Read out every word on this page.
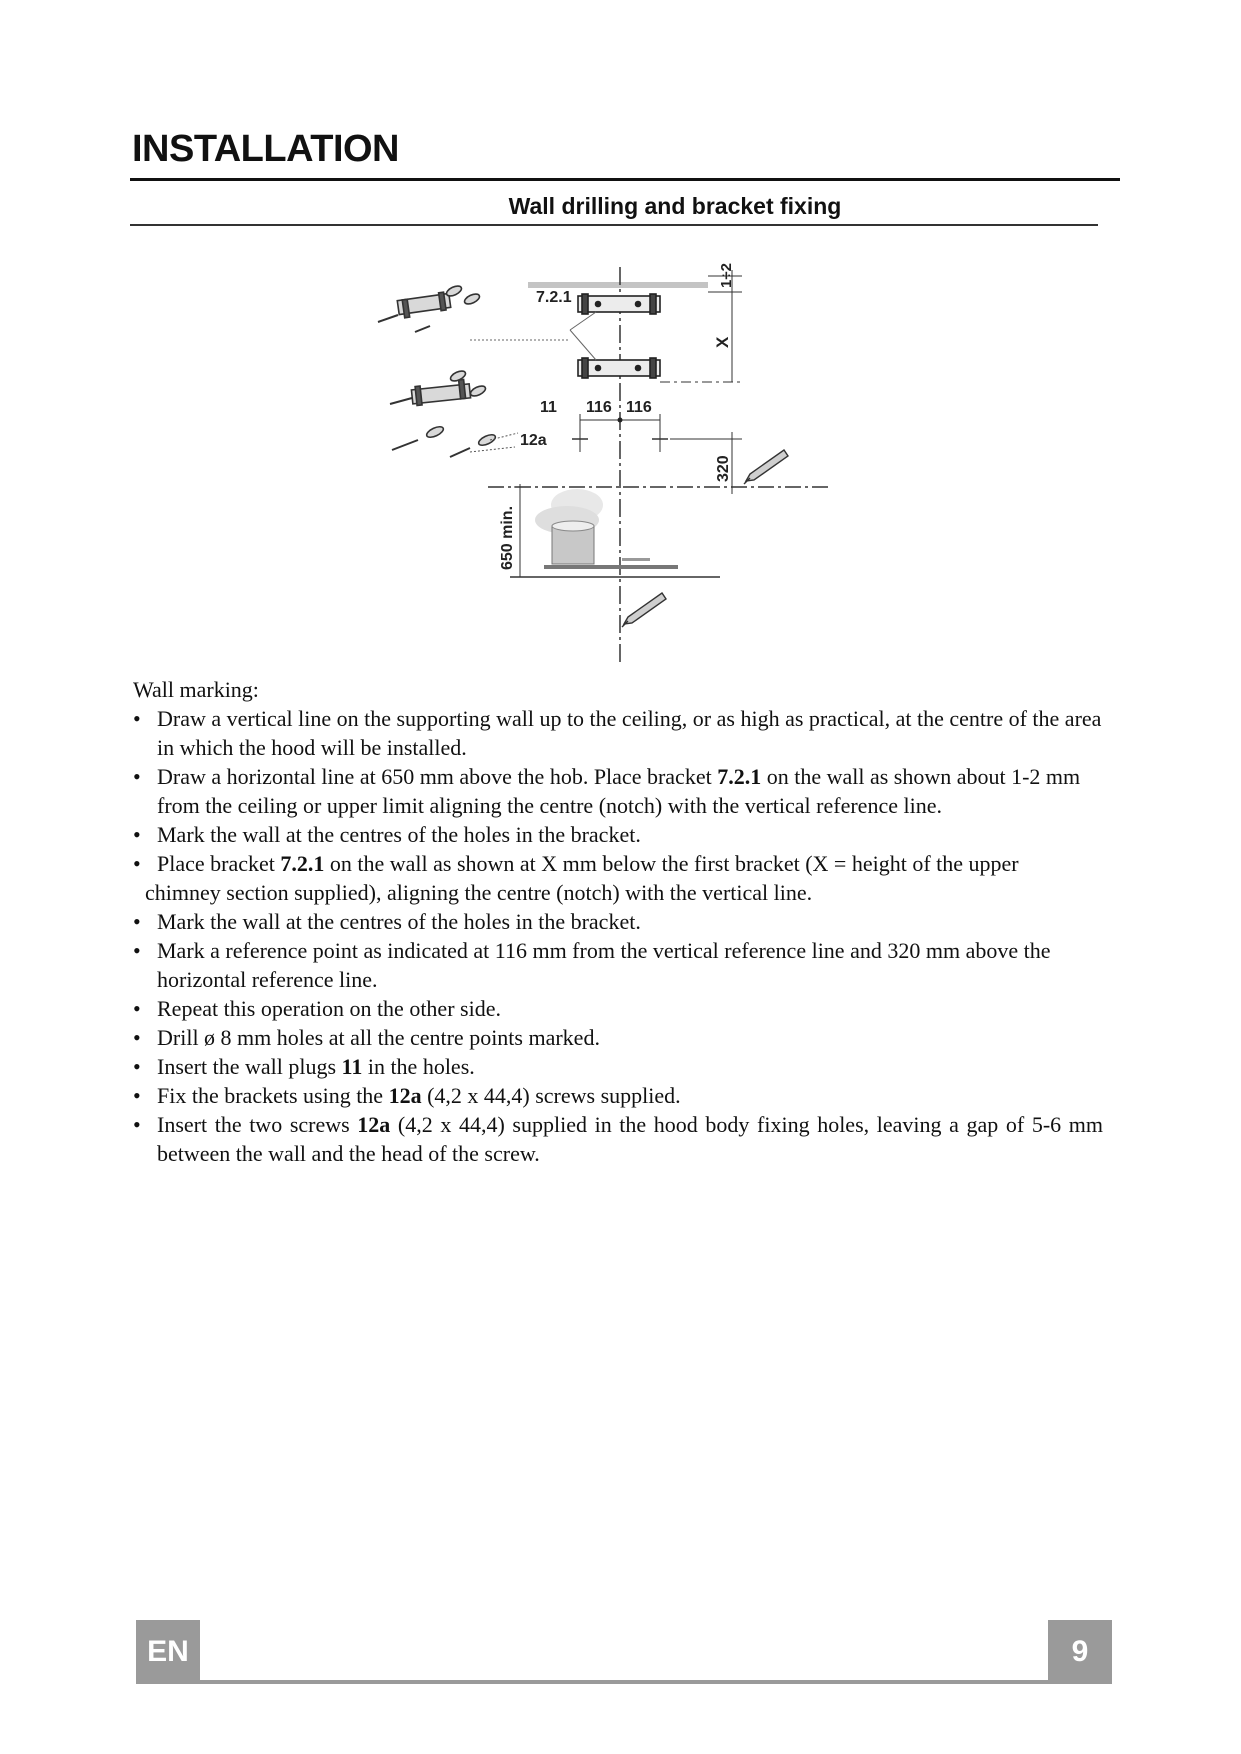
INSTALLATION
Wall drilling and bracket fixing
7.2.1
11
12a
116 116
1÷2
X
320
650 min.
Wall marking:
• Draw a vertical line on the supporting wall up to the ceiling, or as high as practical, at the centre of the area in which the hood will be installed.
• Draw a horizontal line at 650 mm above the hob. Place bracket 7.2.1 on the wall as shown about 1-2 mm from the ceiling or upper limit aligning the centre (notch) with the vertical reference line.
• Mark the wall at the centres of the holes in the bracket.
• Place bracket 7.2.1 on the wall as shown at X mm below the first bracket (X = height of the upper
chimney section supplied), aligning the centre (notch) with the vertical line.
• Mark the wall at the centres of the holes in the bracket.
• Mark a reference point as indicated at 116 mm from the vertical reference line and 320 mm above the horizontal reference line.
• Repeat this operation on the other side.
• Drill ø 8 mm holes at all the centre points marked.
• Insert the wall plugs 11 in the holes.
• Fix the brackets using the 12a (4,2 x 44,4) screws supplied.
• Insert the two screws 12a (4,2 x 44,4) supplied in the hood body fixing holes, leaving a gap of 5-6 mm between the wall and the head of the screw.
EN	9
